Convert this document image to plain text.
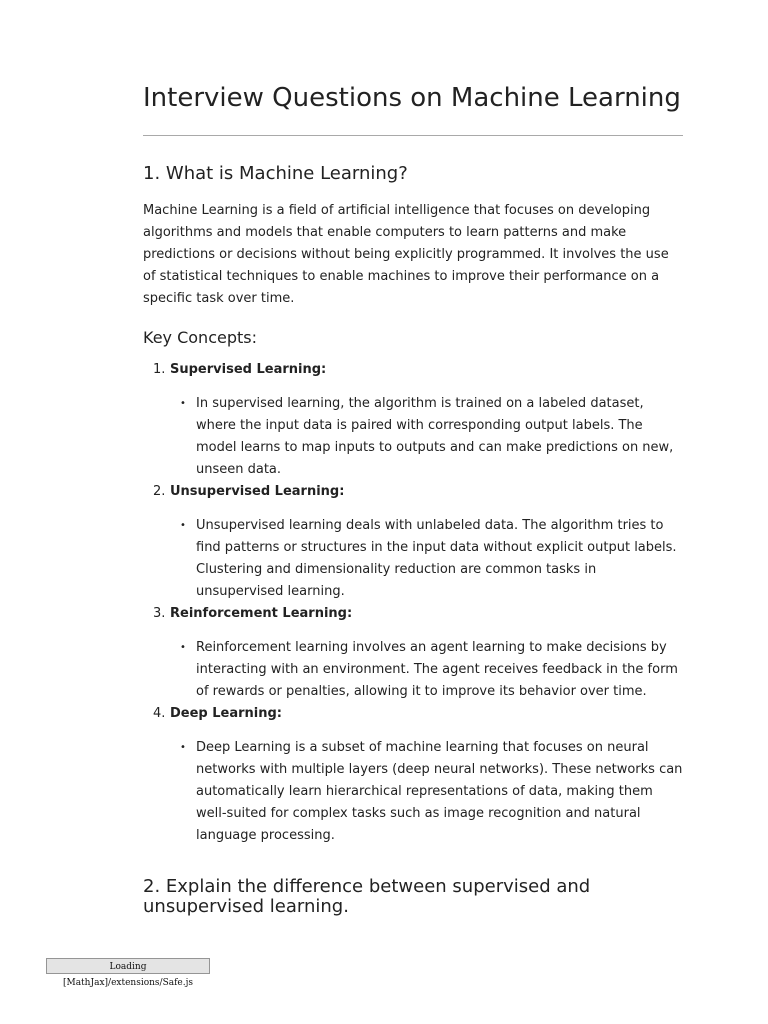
Interview Questions on Machine Learning
1. What is Machine Learning?

Machine Learning is a field of artificial intelligence that focuses on developing algorithms and models that enable computers to learn patterns and make predictions or decisions without being explicitly programmed. It involves the use of statistical techniques to enable machines to improve their performance on a specific task over time.

Key Concepts:
1. Supervised Learning:
• In supervised learning, the algorithm is trained on a labeled dataset, where the input data is paired with corresponding output labels. The model learns to map inputs to outputs and can make predictions on new, unseen data.
2. Unsupervised Learning:
• Unsupervised learning deals with unlabeled data. The algorithm tries to find patterns or structures in the input data without explicit output labels. Clustering and dimensionality reduction are common tasks in unsupervised learning.
3. Reinforcement Learning:
• Reinforcement learning involves an agent learning to make decisions by interacting with an environment. The agent receives feedback in the form of rewards or penalties, allowing it to improve its behavior over time.
4. Deep Learning:
• Deep Learning is a subset of machine learning that focuses on neural networks with multiple layers (deep neural networks). These networks can automatically learn hierarchical representations of data, making them well-suited for complex tasks such as image recognition and natural language processing.
2. Explain the difference between supervised and unsupervised learning.
Loading [MathJax]/extensions/Safe.js
